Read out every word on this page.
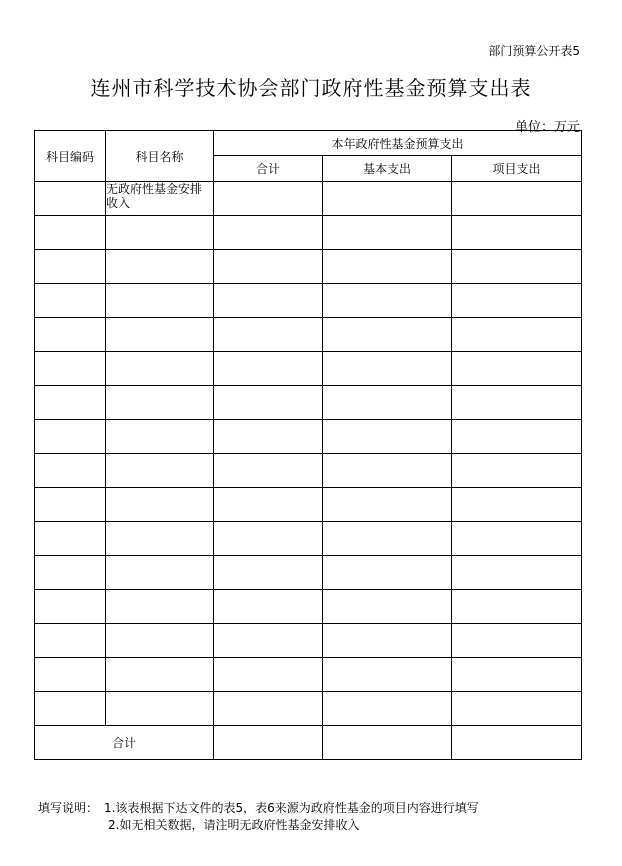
部门预算公开表5
连州市科学技术协会部门政府性基金预算支出表
单位：万元
科目编码	科目名称	本年政府性基金预算支出		
		合计	基本支出	项目支出
	无政府性基金安排收入			

合计				
填写说明： 1.该表根据下达文件的表5，表6来源为政府性基金的项目内容进行填写
2.如无相关数据，请注明无政府性基金安排收入
